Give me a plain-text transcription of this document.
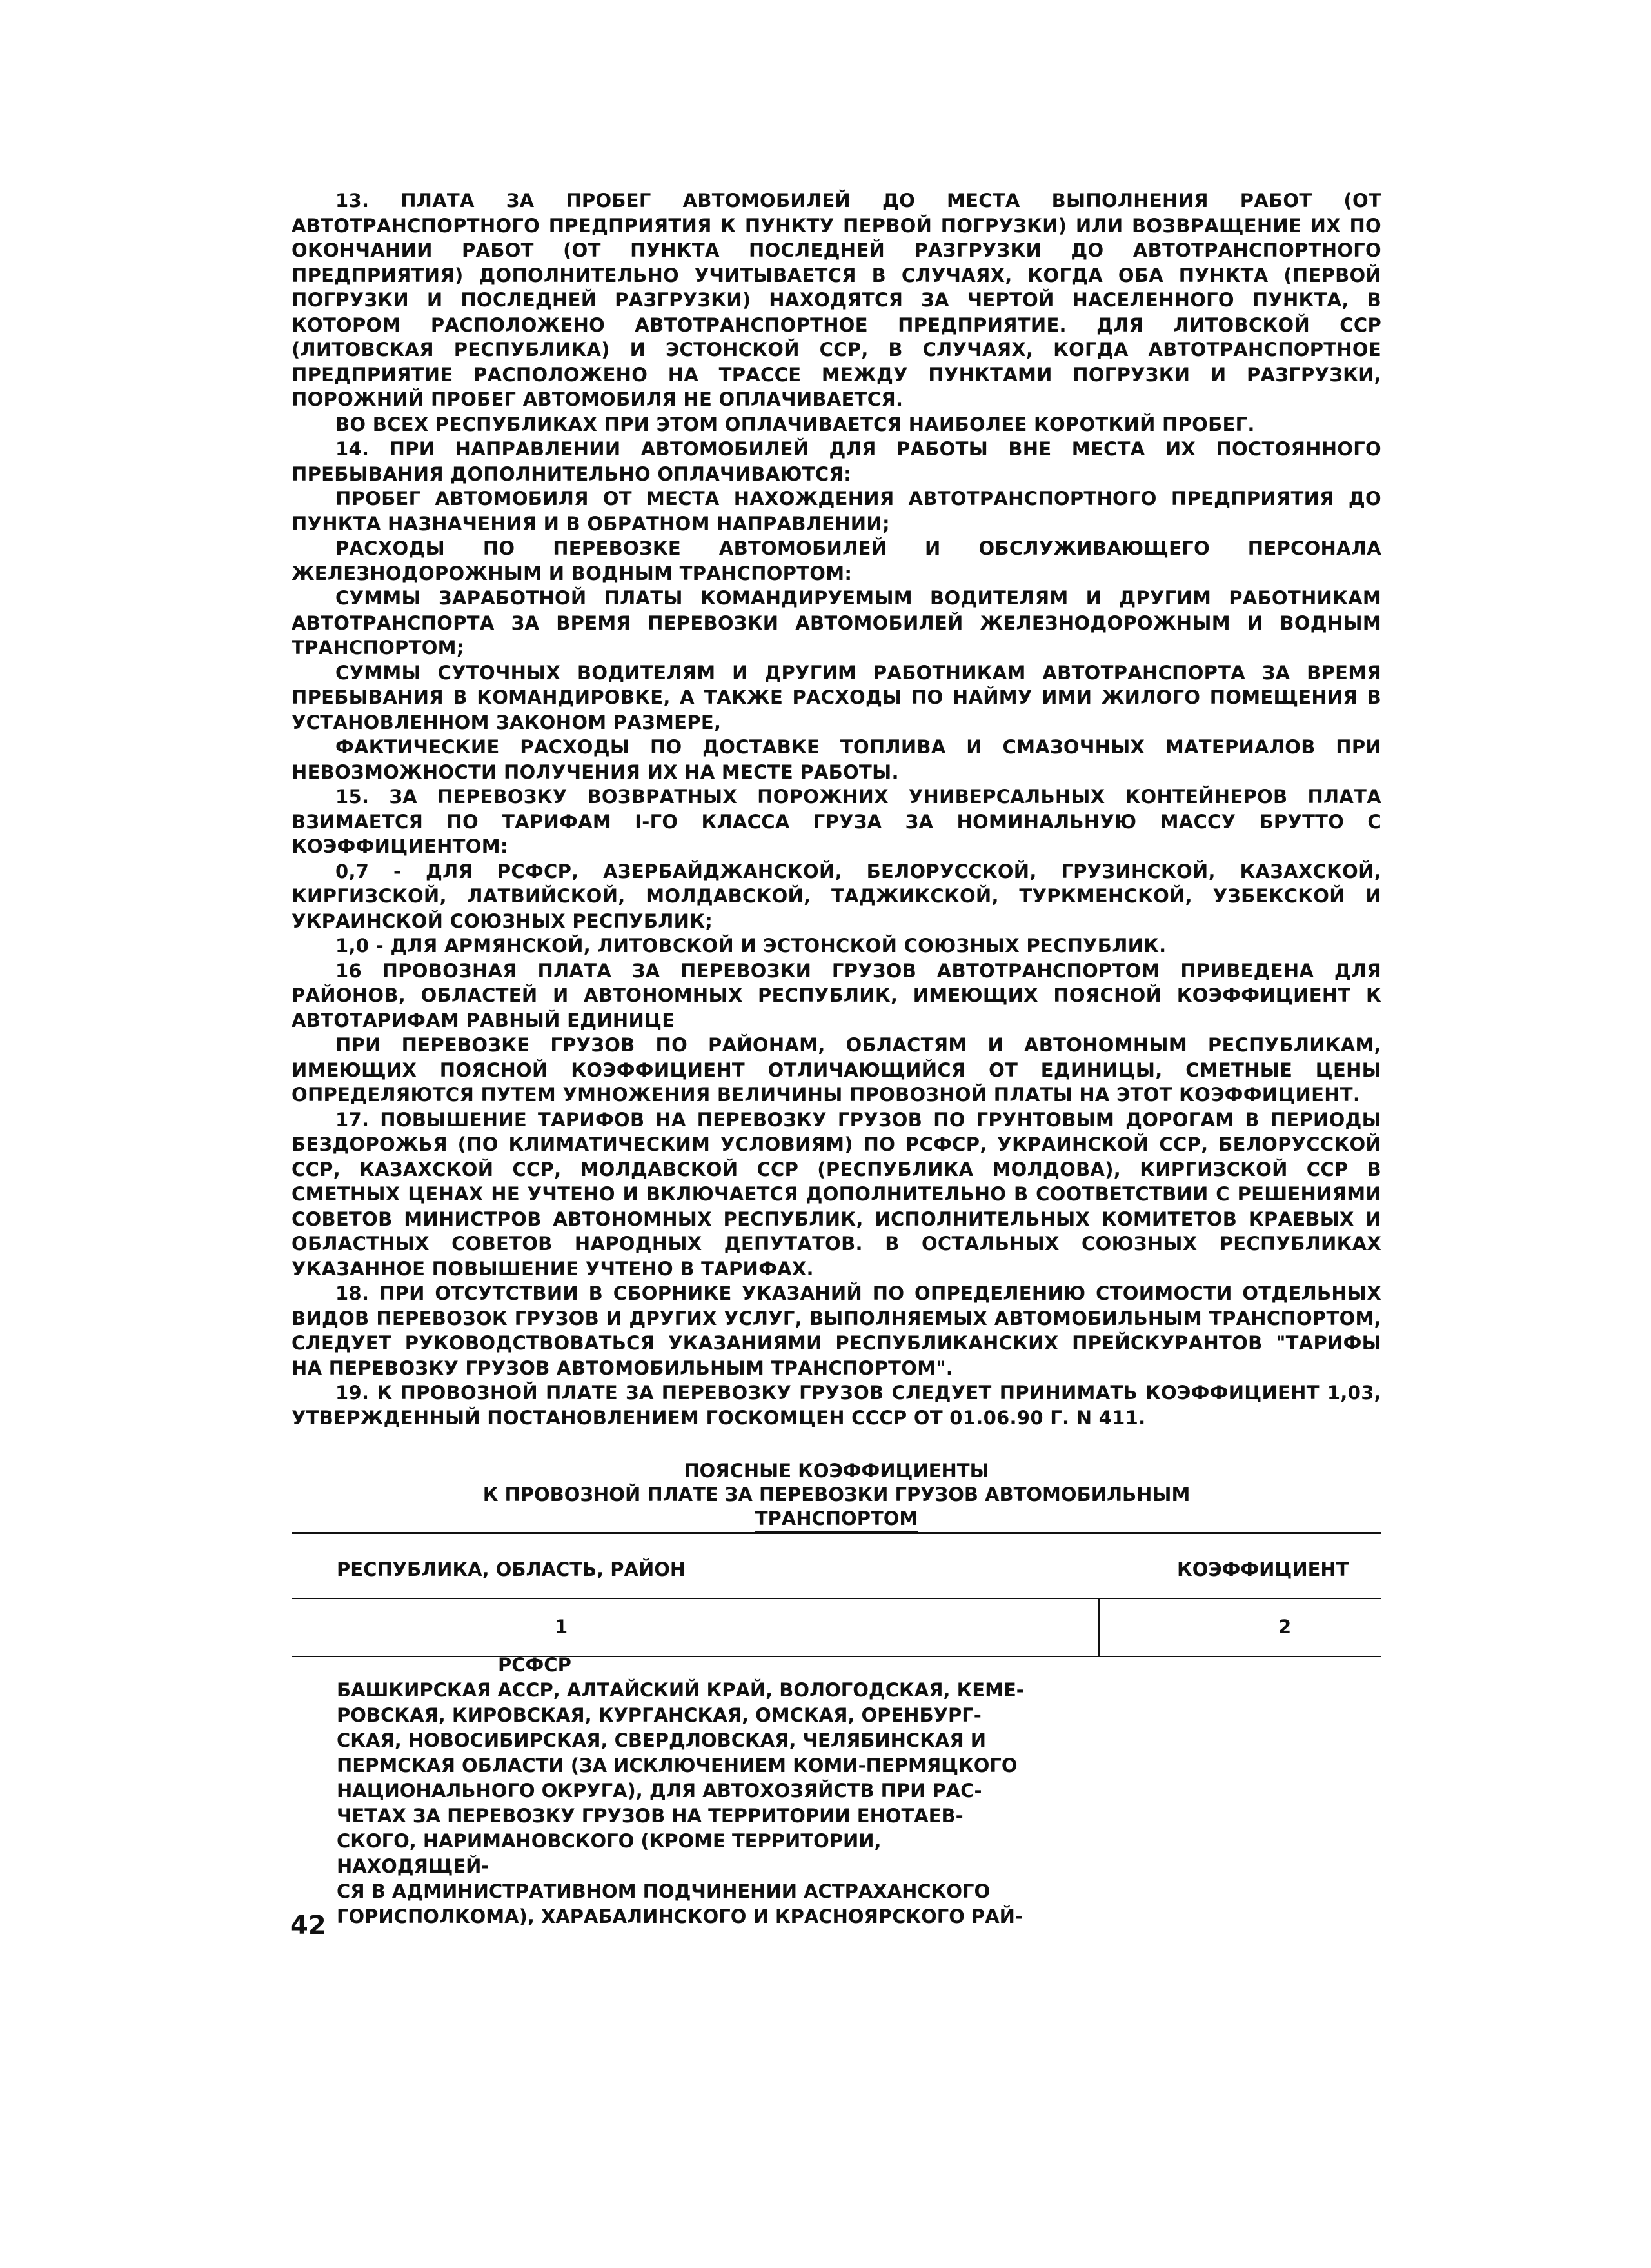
13. ПЛАТА ЗА ПРОБЕГ АВТОМОБИЛЕЙ ДО МЕСТА ВЫПОЛНЕНИЯ РАБОТ (ОТ АВТОТРАНСПОРТНОГО ПРЕДПРИЯТИЯ К ПУНКТУ ПЕРВОЙ ПОГРУЗКИ) ИЛИ ВОЗВРАЩЕНИЕ ИХ ПО ОКОНЧАНИИ РАБОТ (ОТ ПУНКТА ПОСЛЕДНЕЙ РАЗГРУЗКИ ДО АВТОТРАНСПОРТНОГО ПРЕДПРИЯТИЯ) ДОПОЛНИТЕЛЬНО УЧИТЫВАЕТСЯ В СЛУЧАЯХ, КОГДА ОБА ПУНКТА (ПЕРВОЙ ПОГРУЗКИ И ПОСЛЕДНЕЙ РАЗГРУЗКИ) НАХОДЯТСЯ ЗА ЧЕРТОЙ НАСЕЛЕННОГО ПУНКТА, В КОТОРОМ РАСПОЛОЖЕНО АВТОТРАНСПОРТНОЕ ПРЕДПРИЯТИЕ. ДЛЯ ЛИТОВСКОЙ ССР (ЛИТОВСКАЯ РЕСПУБЛИКА) И ЭСТОНСКОЙ ССР, В СЛУЧАЯХ, КОГДА АВТОТРАНСПОРТНОЕ ПРЕДПРИЯТИЕ РАСПОЛОЖЕНО НА ТРАССЕ МЕЖДУ ПУНКТАМИ ПОГРУЗКИ И РАЗГРУЗКИ, ПОРОЖНИЙ ПРОБЕГ АВТОМОБИЛЯ НЕ ОПЛАЧИВАЕТСЯ.

ВО ВСЕХ РЕСПУБЛИКАХ ПРИ ЭТОМ ОПЛАЧИВАЕТСЯ НАИБОЛЕЕ КОРОТКИЙ ПРОБЕГ.

14. ПРИ НАПРАВЛЕНИИ АВТОМОБИЛЕЙ ДЛЯ РАБОТЫ ВНЕ МЕСТА ИХ ПОСТОЯННОГО ПРЕБЫВАНИЯ ДОПОЛНИТЕЛЬНО ОПЛАЧИВАЮТСЯ:

ПРОБЕГ АВТОМОБИЛЯ ОТ МЕСТА НАХОЖДЕНИЯ АВТОТРАНСПОРТНОГО ПРЕДПРИЯТИЯ ДО ПУНКТА НАЗНАЧЕНИЯ И В ОБРАТНОМ НАПРАВЛЕНИИ;

РАСХОДЫ ПО ПЕРЕВОЗКЕ АВТОМОБИЛЕЙ И ОБСЛУЖИВАЮЩЕГО ПЕРСОНАЛА ЖЕЛЕЗНОДОРОЖНЫМ И ВОДНЫМ ТРАНСПОРТОМ:

СУММЫ ЗАРАБОТНОЙ ПЛАТЫ КОМАНДИРУЕМЫМ ВОДИТЕЛЯМ И ДРУГИМ РАБОТНИКАМ АВТОТРАНСПОРТА ЗА ВРЕМЯ ПЕРЕВОЗКИ АВТОМОБИЛЕЙ ЖЕЛЕЗНОДОРОЖНЫМ И ВОДНЫМ ТРАНСПОРТОМ;

СУММЫ СУТОЧНЫХ ВОДИТЕЛЯМ И ДРУГИМ РАБОТНИКАМ АВТОТРАНСПОРТА ЗА ВРЕМЯ ПРЕБЫВАНИЯ В КОМАНДИРОВКЕ, А ТАКЖЕ РАСХОДЫ ПО НАЙМУ ИМИ ЖИЛОГО ПОМЕЩЕНИЯ В УСТАНОВЛЕННОМ ЗАКОНОМ РАЗМЕРЕ,

ФАКТИЧЕСКИЕ РАСХОДЫ ПО ДОСТАВКЕ ТОПЛИВА И СМАЗОЧНЫХ МАТЕРИАЛОВ ПРИ НЕВОЗМОЖНОСТИ ПОЛУЧЕНИЯ ИХ НА МЕСТЕ РАБОТЫ.

15. ЗА ПЕРЕВОЗКУ ВОЗВРАТНЫХ ПОРОЖНИХ УНИВЕРСАЛЬНЫХ КОНТЕЙНЕРОВ ПЛАТА ВЗИМАЕТСЯ ПО ТАРИФАМ I-ГО КЛАССА ГРУЗА ЗА НОМИНАЛЬНУЮ МАССУ БРУТТО С КОЭФФИЦИЕНТОМ:

0,7 - ДЛЯ РСФСР, АЗЕРБАЙДЖАНСКОЙ, БЕЛОРУССКОЙ, ГРУЗИНСКОЙ, КАЗАХСКОЙ, КИРГИЗСКОЙ, ЛАТВИЙСКОЙ, МОЛДАВСКОЙ, ТАДЖИКСКОЙ, ТУРКМЕНСКОЙ, УЗБЕКСКОЙ И УКРАИНСКОЙ СОЮЗНЫХ РЕСПУБЛИК;

1,0 - ДЛЯ АРМЯНСКОЙ, ЛИТОВСКОЙ И ЭСТОНСКОЙ СОЮЗНЫХ РЕСПУБЛИК.

16 ПРОВОЗНАЯ ПЛАТА ЗА ПЕРЕВОЗКИ ГРУЗОВ АВТОТРАНСПОРТОМ ПРИВЕДЕНА ДЛЯ РАЙОНОВ, ОБЛАСТЕЙ И АВТОНОМНЫХ РЕСПУБЛИК, ИМЕЮЩИХ ПОЯСНОЙ КОЭФФИЦИЕНТ К АВТОТАРИФАМ РАВНЫЙ ЕДИНИЦЕ

ПРИ ПЕРЕВОЗКЕ ГРУЗОВ ПО РАЙОНАМ, ОБЛАСТЯМ И АВТОНОМНЫМ РЕСПУБЛИКАМ, ИМЕЮЩИХ ПОЯСНОЙ КОЭФФИЦИЕНТ ОТЛИЧАЮЩИЙСЯ ОТ ЕДИНИЦЫ, СМЕТНЫЕ ЦЕНЫ ОПРЕДЕЛЯЮТСЯ ПУТЕМ УМНОЖЕНИЯ ВЕЛИЧИНЫ ПРОВОЗНОЙ ПЛАТЫ НА ЭТОТ КОЭФФИЦИЕНТ.

17. ПОВЫШЕНИЕ ТАРИФОВ НА ПЕРЕВОЗКУ ГРУЗОВ ПО ГРУНТОВЫМ ДОРОГАМ В ПЕРИОДЫ БЕЗДОРОЖЬЯ (ПО КЛИМАТИЧЕСКИМ УСЛОВИЯМ) ПО РСФСР, УКРАИНСКОЙ ССР, БЕЛОРУССКОЙ ССР, КАЗАХСКОЙ ССР, МОЛДАВСКОЙ ССР (РЕСПУБЛИКА МОЛДОВА), КИРГИЗСКОЙ ССР В СМЕТНЫХ ЦЕНАХ НЕ УЧТЕНО И ВКЛЮЧАЕТСЯ ДОПОЛНИТЕЛЬНО В СООТВЕТСТВИИ С РЕШЕНИЯМИ СОВЕТОВ МИНИСТРОВ АВТОНОМНЫХ РЕСПУБЛИК, ИСПОЛНИТЕЛЬНЫХ КОМИТЕТОВ КРАЕВЫХ И ОБЛАСТНЫХ СОВЕТОВ НАРОДНЫХ ДЕПУТАТОВ. В ОСТАЛЬНЫХ СОЮЗНЫХ РЕСПУБЛИКАХ УКАЗАННОЕ ПОВЫШЕНИЕ УЧТЕНО В ТАРИФАХ.

18. ПРИ ОТСУТСТВИИ В СБОРНИКЕ УКАЗАНИЙ ПО ОПРЕДЕЛЕНИЮ СТОИМОСТИ ОТДЕЛЬНЫХ ВИДОВ ПЕРЕВОЗОК ГРУЗОВ И ДРУГИХ УСЛУГ, ВЫПОЛНЯЕМЫХ АВТОМОБИЛЬНЫМ ТРАНСПОРТОМ, СЛЕДУЕТ РУКОВОДСТВОВАТЬСЯ УКАЗАНИЯМИ РЕСПУБЛИКАНСКИХ ПРЕЙСКУРАНТОВ "ТАРИФЫ НА ПЕРЕВОЗКУ ГРУЗОВ АВТОМОБИЛЬНЫМ ТРАНСПОРТОМ".

19. К ПРОВОЗНОЙ ПЛАТЕ ЗА ПЕРЕВОЗКУ ГРУЗОВ СЛЕДУЕТ ПРИНИМАТЬ КОЭФФИЦИЕНТ 1,03, УТВЕРЖДЕННЫЙ ПОСТАНОВЛЕНИЕМ ГОСКОМЦЕН СССР ОТ 01.06.90 Г. N 411.

ПОЯСНЫЕ КОЭФФИЦИЕНТЫ
К ПРОВОЗНОЙ ПЛАТЕ ЗА ПЕРЕВОЗКИ ГРУЗОВ АВТОМОБИЛЬНЫМ
ТРАНСПОРТОМ
РЕСПУБЛИКА, ОБЛАСТЬ, РАЙОН	КОЭФФИЦИЕНТ
1	2
РСФСР
БАШКИРСКАЯ АССР, АЛТАЙСКИЙ КРАЙ, ВОЛОГОДСКАЯ, КЕМЕ-
РОВСКАЯ, КИРОВСКАЯ, КУРГАНСКАЯ, ОМСКАЯ, ОРЕНБУРГ-
СКАЯ, НОВОСИБИРСКАЯ, СВЕРДЛОВСКАЯ, ЧЕЛЯБИНСКАЯ И
ПЕРМСКАЯ ОБЛАСТИ (ЗА ИСКЛЮЧЕНИЕМ КОМИ-ПЕРМЯЦКОГО
НАЦИОНАЛЬНОГО ОКРУГА), ДЛЯ АВТОХОЗЯЙСТВ ПРИ РАС-
ЧЕТАХ ЗА ПЕРЕВОЗКУ ГРУЗОВ НА ТЕРРИТОРИИ ЕНОТАЕВ-
СКОГО, НАРИМАНОВСКОГО (КРОМЕ ТЕРРИТОРИИ, НАХОДЯЩЕЙ-
СЯ В АДМИНИСТРАТИВНОМ ПОДЧИНЕНИИ АСТРАХАНСКОГО
ГОРИСПОЛКОМА), ХАРАБАЛИНСКОГО И КРАСНОЯРСКОГО РАЙ-
42
